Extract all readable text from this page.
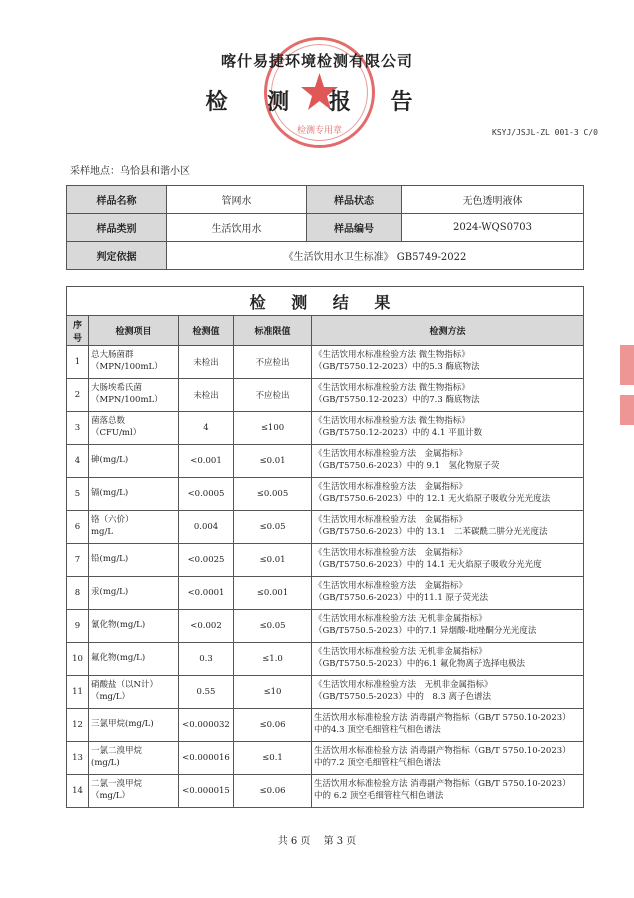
检测专用章
喀什易捷环境检测有限公司
检 测 报 告
KSYJ/JSJL-ZL 001-3 C/0
采样地点：乌恰县和谐小区
样品名称	管网水	样品状态	无色透明液体
样品类别	生活饮用水	样品编号	2024-WQS0703
判定依据	《生活饮用水卫生标准》 GB5749-2022		
检 测 结 果				
序号	检测项目	检测值	标准限值	检测方法
1	总大肠菌群
（MPN/100mL）	未检出	不应检出	《生活饮用水标准检验方法 微生物指标》
（GB/T5750.12-2023）中的5.3 酶底物法
2	大肠埃希氏菌
（MPN/100mL）	未检出	不应检出	《生活饮用水标准检验方法 微生物指标》
（GB/T5750.12-2023）中的7.3 酶底物法
3	菌落总数
（CFU/ml）	4	≤100	《生活饮用水标准检验方法 微生物指标》
（GB/T5750.12-2023）中的 4.1 平皿计数
4	砷(mg/L)	<0.001	≤0.01	《生活饮用水标准检验方法　金属指标》
（GB/T5750.6-2023）中的 9.1　氢化物原子荧
5	镉(mg/L)	<0.0005	≤0.005	《生活饮用水标准检验方法　金属指标》
（GB/T5750.6-2023）中的 12.1 无火焰原子吸收分光光度法
6	铬（六价）
mg/L	0.004	≤0.05	《生活饮用水标准检验方法　金属指标》
（GB/T5750.6-2023）中的 13.1　二苯碳酰二肼分光光度法
7	铅(mg/L)	<0.0025	≤0.01	《生活饮用水标准检验方法　金属指标》
（GB/T5750.6-2023）中的 14.1 无火焰原子吸收分光光度
8	汞(mg/L)	<0.0001	≤0.001	《生活饮用水标准检验方法　金属指标》
（GB/T5750.6-2023）中的11.1 原子荧光法
9	氰化物(mg/L)	<0.002	≤0.05	《生活饮用水标准检验方法 无机非金属指标》
（GB/T5750.5-2023）中的7.1 异烟酸-吡唑酮分光光度法
10	氟化物(mg/L)	0.3	≤1.0	《生活饮用水标准检验方法 无机非金属指标》
（GB/T5750.5-2023）中的6.1 氟化物离子选择电极法
11	硝酸盐（以N计）
（mg/L）	0.55	≤10	《生活饮用水标准检验方法　无机非金属指标》
（GB/T5750.5-2023）中的　8.3 离子色谱法
12	三氯甲烷(mg/L)	<0.000032	≤0.06	生活饮用水标准检验方法 消毒副产物指标（GB/T 5750.10-2023）
中的4.3 顶空毛细管柱气相色谱法
13	一氯二溴甲烷
(mg/L)	<0.000016	≤0.1	生活饮用水标准检验方法 消毒副产物指标（GB/T 5750.10-2023）
中的7.2 顶空毛细管柱气相色谱法
14	二氯一溴甲烷
（mg/L）	<0.000015	≤0.06	生活饮用水标准检验方法 消毒副产物指标（GB/T 5750.10-2023）
中的 6.2 顶空毛细管柱气相色谱法
共 6 页　 第 3 页
